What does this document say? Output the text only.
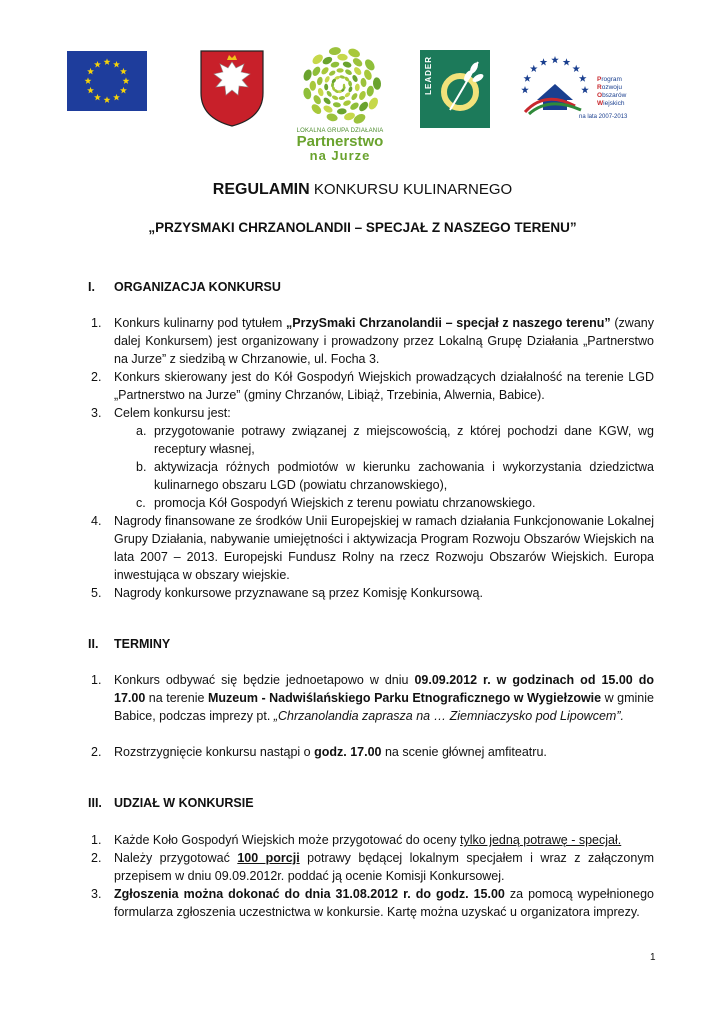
LOKALNA GRUPA DZIAŁANIA
Partnerstwo
na Jurze
LEADER	Program
Rozwoju
Obszarów
Wiejskich
na lata 2007-2013
REGULAMIN KONKURSU KULINARNEGO
„PRZYSMAKI CHRZANOLANDII – SPECJAŁ Z NASZEGO TERENU”
I. ORGANIZACJA KONKURSU
1. Konkurs kulinarny pod tytułem „PrzySmaki Chrzanolandii – specjał z naszego terenu” (zwany dalej Konkursem) jest organizowany i prowadzony przez Lokalną Grupę Działania „Partnerstwo na Jurze” z siedzibą w Chrzanowie, ul. Focha 3.
2. Konkurs skierowany jest do Kół Gospodyń Wiejskich prowadzących działalność na terenie LGD „Partnerstwo na Jurze” (gminy Chrzanów, Libiąż, Trzebinia, Alwernia, Babice).
3. Celem konkursu jest:
a. przygotowanie potrawy związanej z miejscowością, z której pochodzi dane KGW, wg receptury własnej,
b. aktywizacja różnych podmiotów w kierunku zachowania i wykorzystania dziedzictwa kulinarnego obszaru LGD (powiatu chrzanowskiego),
c. promocja Kół Gospodyń Wiejskich z terenu powiatu chrzanowskiego.
4. Nagrody finansowane ze środków Unii Europejskiej w ramach działania Funkcjonowanie Lokalnej Grupy Działania, nabywanie umiejętności i aktywizacja Program Rozwoju Obszarów Wiejskich na lata 2007 – 2013. Europejski Fundusz Rolny na rzecz Rozwoju Obszarów Wiejskich. Europa inwestująca w obszary wiejskie.
5. Nagrody konkursowe przyznawane są przez Komisję Konkursową.
II. TERMINY
1. Konkurs odbywać się będzie jednoetapowo w dniu 09.09.2012 r. w godzinach od 15.00 do 17.00 na terenie Muzeum - Nadwiślańskiego Parku Etnograficznego w Wygiełzowie w gminie Babice, podczas imprezy pt. „Chrzanolandia zaprasza na … Ziemniaczysko pod Lipowcem”.
2. Rozstrzygnięcie konkursu nastąpi o godz. 17.00 na scenie głównej amfiteatru.
III. UDZIAŁ W KONKURSIE
1. Każde Koło Gospodyń Wiejskich może przygotować do oceny tylko jedną potrawę - specjał.
2. Należy przygotować 100 porcji potrawy będącej lokalnym specjałem i wraz z załączonym przepisem w dniu 09.09.2012r. poddać ją ocenie Komisji Konkursowej.
3. Zgłoszenia można dokonać do dnia 31.08.2012 r. do godz. 15.00 za pomocą wypełnionego formularza zgłoszenia uczestnictwa w konkursie. Kartę można uzyskać u organizatora imprezy.
1
